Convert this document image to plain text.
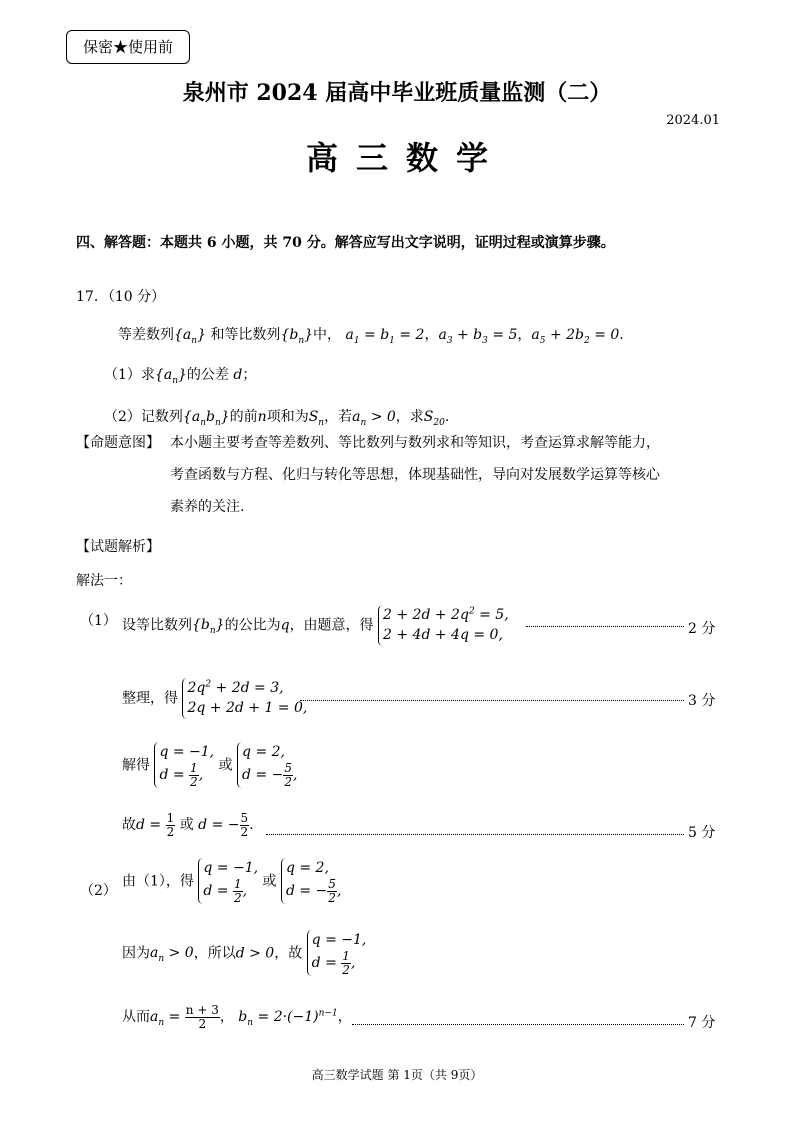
保密★使用前
泉州市 2024 届高中毕业班质量监测（二）
2024.01
高三数学
四、解答题：本题共 6 小题，共 70 分。解答应写出文字说明，证明过程或演算步骤。
17．（10 分）
等差数列$\{a_n\}$ 和等比数列$\{b_n\}$中， $a_1 = b_1 = 2$，$a_3 + b_3 = 5$，$a_5 + 2b_2 = 0$.
（1）求$\{a_n\}$的公差 d；
（2）记数列$\{a_nb_n\}$的前n项和为$S_n$，若$a_n > 0$，求$S_{20}$.
【命题意图】 本小题主要考查等差数列、等比数列与数列求和等知识，考查运算求解等能力，
考查函数与方程、化归与转化等思想，体现基础性，导向对发展数学运算等核心
素养的关注.
【试题解析】
解法一：
（1） 设等比数列$\{b_n\}$的公比为q，由题意，得 $2 + 2d + 2q^2 = 5$,
2 + 4d + 4q = 0,	2 分
整理，得 $2q^2 + 2d = 3$,
2q + 2d + 1 = 0,	3 分
解得 q = −1,
$d = \frac{1}{2}$ , 或 q = 2,
d = − $\frac{5}{2}$ ,
故$d = \frac{1}{2}$ 或 d = − $\frac{5}{2}$ .	5 分
（2）
由（1），得 q = −1,
$d = \frac{1}{2}$ , 或 q = 2,
d = − $\frac{5}{2}$ ,
因为$a_n > 0$，所以d > 0，故 q = −1,
$d = \frac{1}{2}$ ,
从而$a_n = \frac{n + 3}{2}$ ， $b_n = 2\cdot(-1)^{n-1}$，	7 分
高三数学试题 第 1页（共 9页）
